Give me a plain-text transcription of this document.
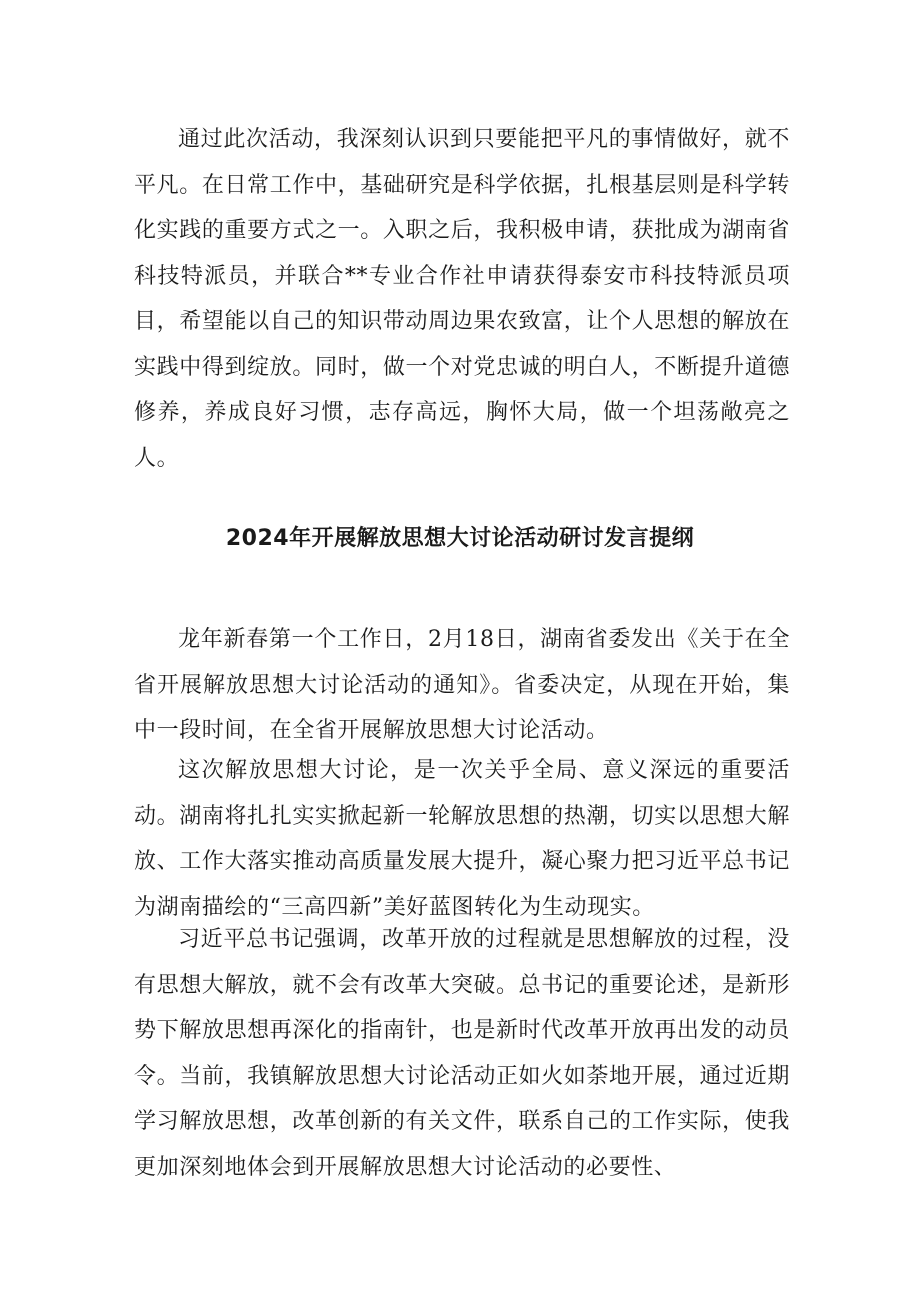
通过此次活动，我深刻认识到只要能把平凡的事情做好，就不平凡。在日常工作中，基础研究是科学依据，扎根基层则是科学转化实践的重要方式之一。入职之后，我积极申请，获批成为湖南省科技特派员，并联合**专业合作社申请获得泰安市科技特派员项目，希望能以自己的知识带动周边果农致富，让个人思想的解放在实践中得到绽放。同时，做一个对党忠诚的明白人，不断提升道德修养，养成良好习惯，志存高远，胸怀大局，做一个坦荡敞亮之人。

2024年开展解放思想大讨论活动研讨发言提纲

龙年新春第一个工作日，2月18日，湖南省委发出《关于在全省开展解放思想大讨论活动的通知》。省委决定，从现在开始，集中一段时间，在全省开展解放思想大讨论活动。

这次解放思想大讨论，是一次关乎全局、意义深远的重要活动。湖南将扎扎实实掀起新一轮解放思想的热潮，切实以思想大解放、工作大落实推动高质量发展大提升，凝心聚力把习近平总书记为湖南描绘的“三高四新”美好蓝图转化为生动现实。

习近平总书记强调，改革开放的过程就是思想解放的过程，没有思想大解放，就不会有改革大突破。总书记的重要论述，是新形势下解放思想再深化的指南针，也是新时代改革开放再出发的动员令。当前，我镇解放思想大讨论活动正如火如荼地开展，通过近期学习解放思想，改革创新的有关文件，联系自己的工作实际，使我更加深刻地体会到开展解放思想大讨论活动的必要性、
